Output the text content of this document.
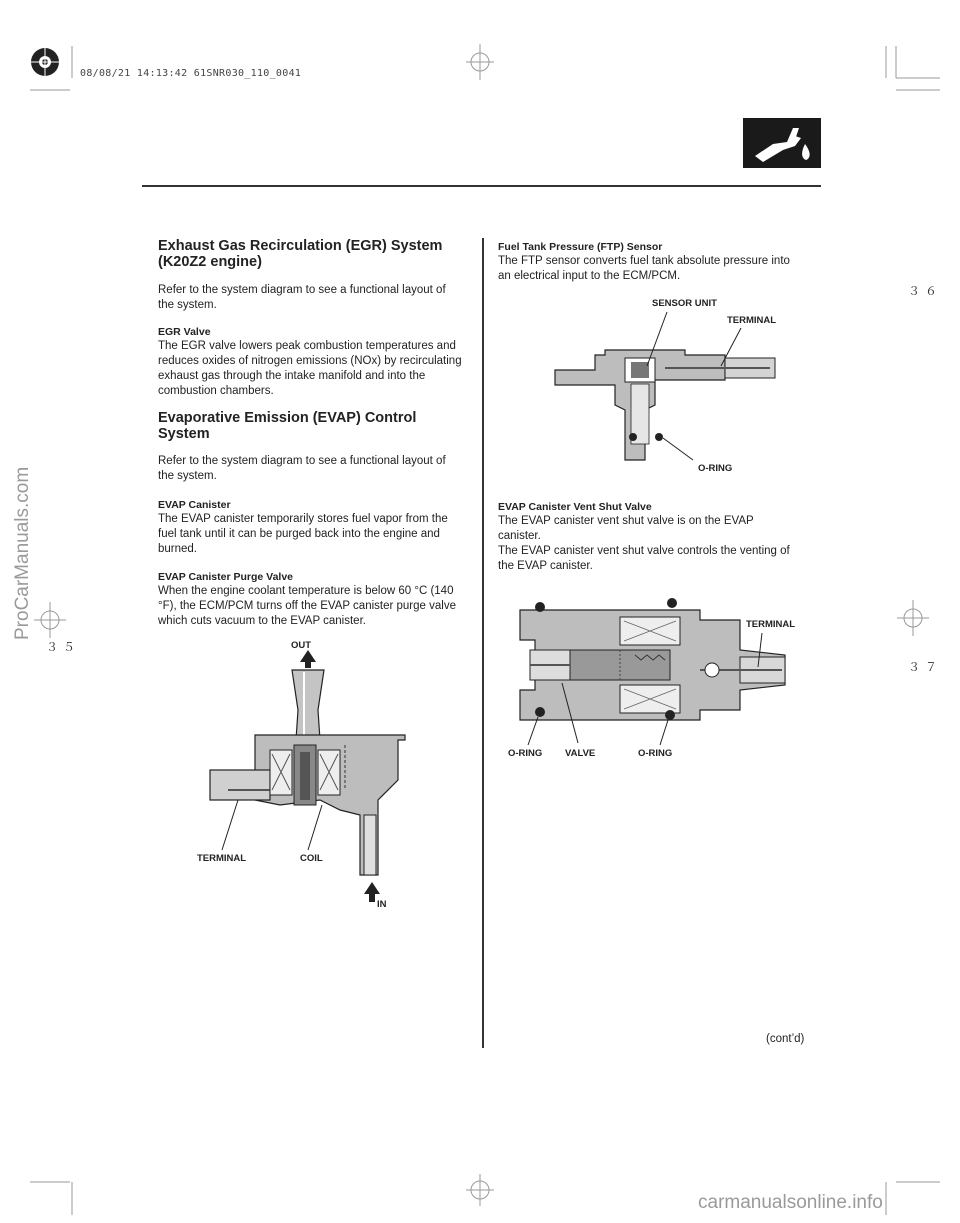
08/08/21 14:13:42 61SNR030_110_0041
ProCarManuals.com
carmanualsonline.info
３６
３７
３５
Exhaust Gas Recirculation (EGR) System (K20Z2 engine)
Refer to the system diagram to see a functional layout of the system.
EGR Valve
The EGR valve lowers peak combustion temperatures and reduces oxides of nitrogen emissions (NOx) by recirculating exhaust gas through the intake manifold and into the combustion chambers.
Evaporative Emission (EVAP) Control System
Refer to the system diagram to see a functional layout of the system.
EVAP Canister
The EVAP canister temporarily stores fuel vapor from the fuel tank until it can be purged back into the engine and burned.
EVAP Canister Purge Valve
When the engine coolant temperature is below 60 °C (140 °F), the ECM/PCM turns off the EVAP canister purge valve which cuts vacuum to the EVAP canister.
OUT
TERMINAL	COIL
IN
Fuel Tank Pressure (FTP) Sensor
The FTP sensor converts fuel tank absolute pressure into an electrical input to the ECM/PCM.
SENSOR UNIT
TERMINAL
O-RING
EVAP Canister Vent Shut Valve
The EVAP canister vent shut valve is on the EVAP canister.
The EVAP canister vent shut valve controls the venting of the EVAP canister.
TERMINAL
O-RING VALVE	O-RING
(cont’d)
